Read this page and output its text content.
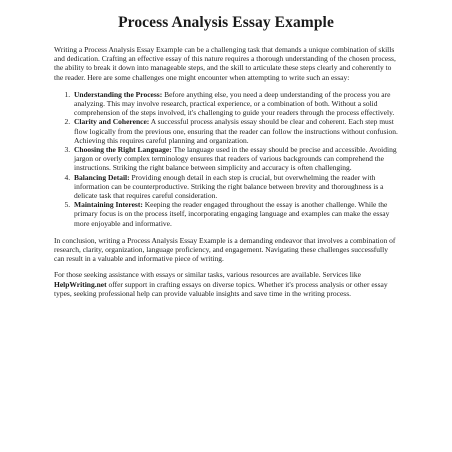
Process Analysis Essay Example

Writing a Process Analysis Essay Example can be a challenging task that demands a unique combination of skills and dedication. Crafting an effective essay of this nature requires a thorough understanding of the chosen process, the ability to break it down into manageable steps, and the skill to articulate these steps clearly and coherently to the reader. Here are some challenges one might encounter when attempting to write such an essay:

1. Understanding the Process: Before anything else, you need a deep understanding of the process you are analyzing. This may involve research, practical experience, or a combination of both. Without a solid comprehension of the steps involved, it's challenging to guide your readers through the process effectively.
2. Clarity and Coherence: A successful process analysis essay should be clear and coherent. Each step must flow logically from the previous one, ensuring that the reader can follow the instructions without confusion. Achieving this requires careful planning and organization.
3. Choosing the Right Language: The language used in the essay should be precise and accessible. Avoiding jargon or overly complex terminology ensures that readers of various backgrounds can comprehend the instructions. Striking the right balance between simplicity and accuracy is often challenging.
4. Balancing Detail: Providing enough detail in each step is crucial, but overwhelming the reader with information can be counterproductive. Striking the right balance between brevity and thoroughness is a delicate task that requires careful consideration.
5. Maintaining Interest: Keeping the reader engaged throughout the essay is another challenge. While the primary focus is on the process itself, incorporating engaging language and examples can make the essay more enjoyable and informative.

In conclusion, writing a Process Analysis Essay Example is a demanding endeavor that involves a combination of research, clarity, organization, language proficiency, and engagement. Navigating these challenges successfully can result in a valuable and informative piece of writing.

For those seeking assistance with essays or similar tasks, various resources are available. Services like HelpWriting.net offer support in crafting essays on diverse topics. Whether it's process analysis or other essay types, seeking professional help can provide valuable insights and save time in the writing process.
